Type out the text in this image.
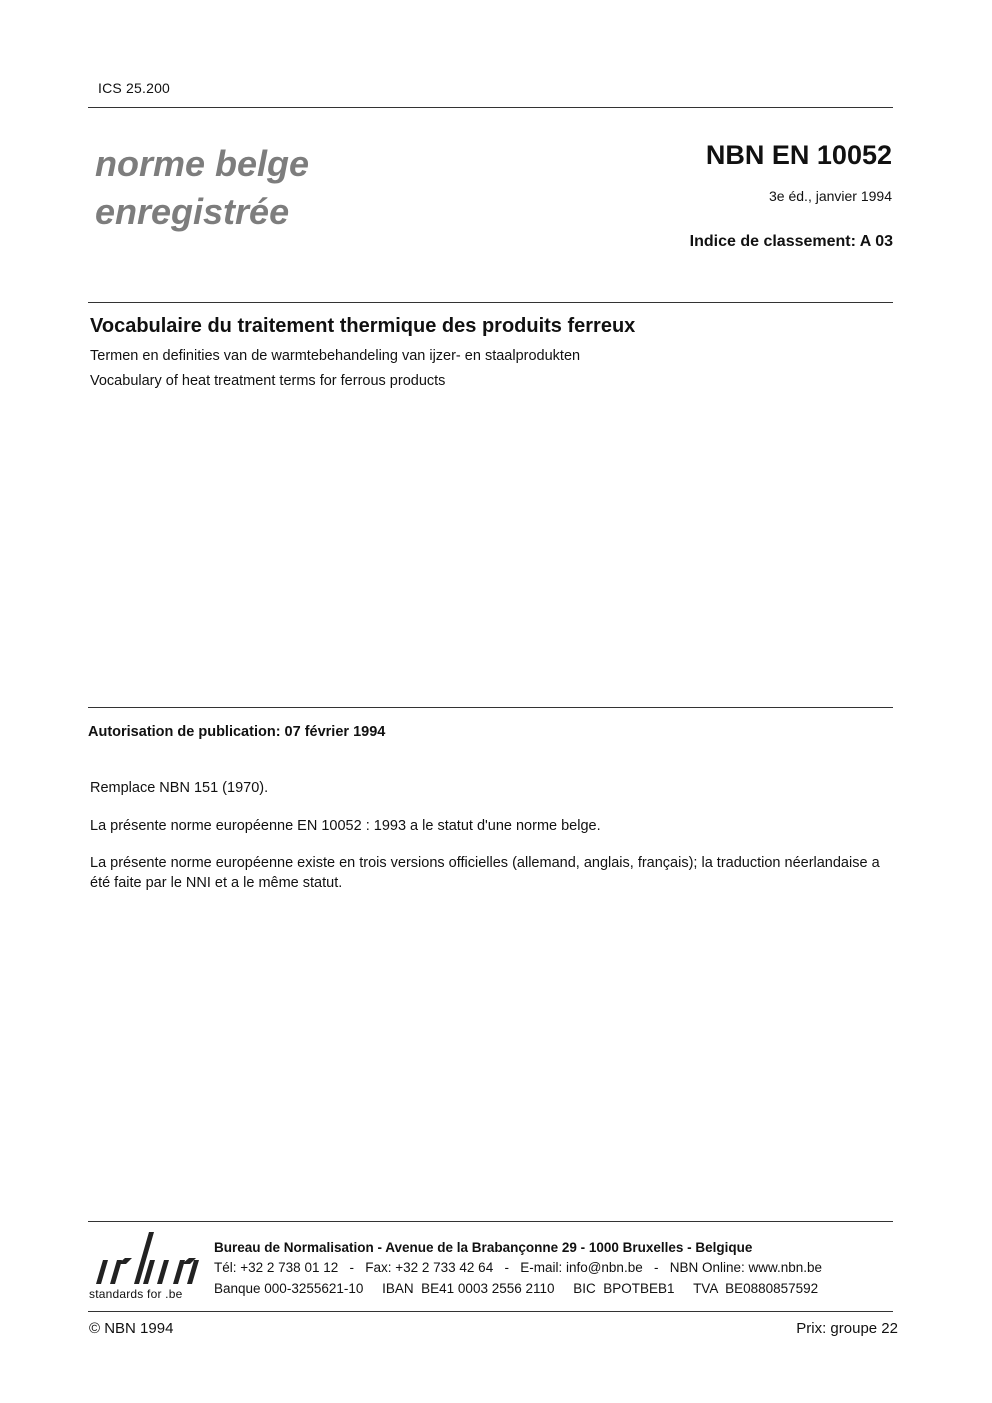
ICS 25.200
norme belge
enregistrée
NBN EN 10052
3e éd., janvier 1994
Indice de classement: A 03
Vocabulaire du traitement thermique des produits ferreux
Termen en definities van de warmtebehandeling van ijzer- en staalprodukten
Vocabulary of heat treatment terms for ferrous products
Autorisation de publication: 07 février 1994
Remplace NBN 151 (1970).
La présente norme européenne EN 10052 : 1993 a le statut d'une norme belge.
La présente norme européenne existe en trois versions officielles (allemand, anglais, français); la traduction néerlandaise a été faite par le NNI et a le même statut.
standards for .be
Bureau de Normalisation - Avenue de la Brabançonne 29 - 1000 Bruxelles - Belgique
Tél: +32 2 738 01 12   -   Fax: +32 2 733 42 64   -   E-mail: info@nbn.be   -   NBN Online: www.nbn.be
Banque 000-3255621-10     IBAN  BE41 0003 2556 2110     BIC  BPOTBEB1     TVA  BE0880857592
© NBN 1994	Prix: groupe 22
